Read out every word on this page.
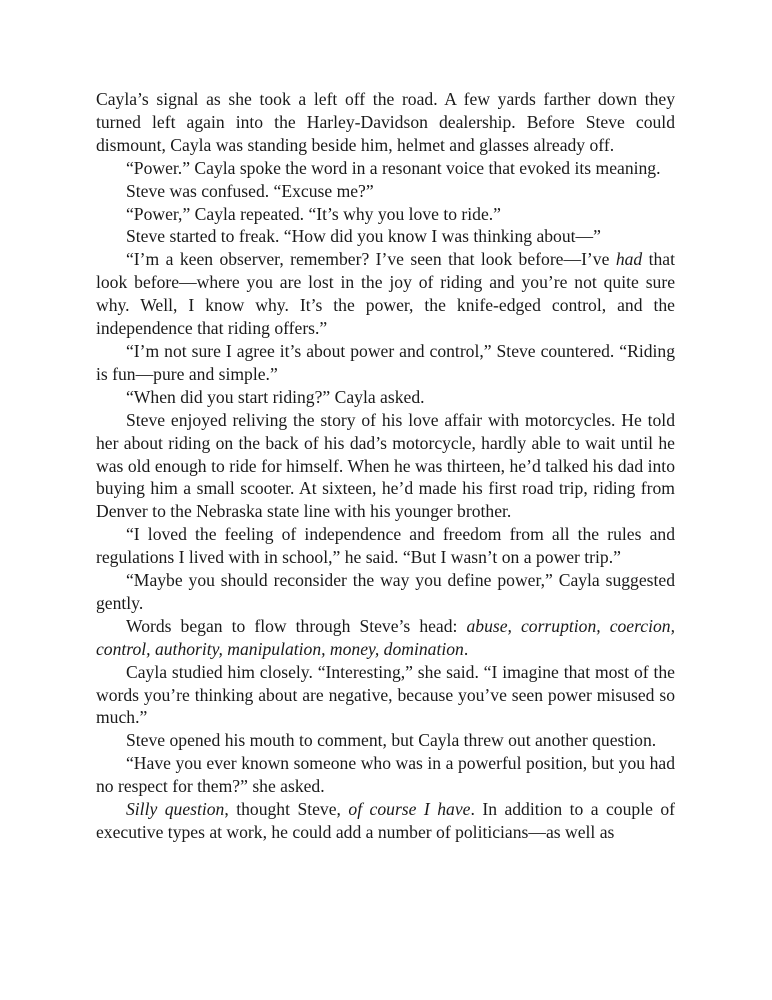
Cayla’s signal as she took a left off the road. A few yards farther down they turned left again into the Harley-Davidson dealership. Before Steve could dismount, Cayla was standing beside him, helmet and glasses already off.

“Power.” Cayla spoke the word in a resonant voice that evoked its meaning.

Steve was confused. “Excuse me?”

“Power,” Cayla repeated. “It’s why you love to ride.”

Steve started to freak. “How did you know I was thinking about—”

“I’m a keen observer, remember? I’ve seen that look before—I’ve had that look before—where you are lost in the joy of riding and you’re not quite sure why. Well, I know why. It’s the power, the knife-edged control, and the independence that riding offers.”

“I’m not sure I agree it’s about power and control,” Steve countered. “Riding is fun—pure and simple.”

“When did you start riding?” Cayla asked.

Steve enjoyed reliving the story of his love affair with motorcycles. He told her about riding on the back of his dad’s motorcycle, hardly able to wait until he was old enough to ride for himself. When he was thirteen, he’d talked his dad into buying him a small scooter. At sixteen, he’d made his first road trip, riding from Denver to the Nebraska state line with his younger brother.

“I loved the feeling of independence and freedom from all the rules and regulations I lived with in school,” he said. “But I wasn’t on a power trip.”

“Maybe you should reconsider the way you define power,” Cayla suggested gently.

Words began to flow through Steve’s head: abuse, corruption, coercion, control, authority, manipulation, money, domination.

Cayla studied him closely. “Interesting,” she said. “I imagine that most of the words you’re thinking about are negative, because you’ve seen power misused so much.”

Steve opened his mouth to comment, but Cayla threw out another question.

“Have you ever known someone who was in a powerful position, but you had no respect for them?” she asked.

Silly question, thought Steve, of course I have. In addition to a couple of executive types at work, he could add a number of politicians—as well as
